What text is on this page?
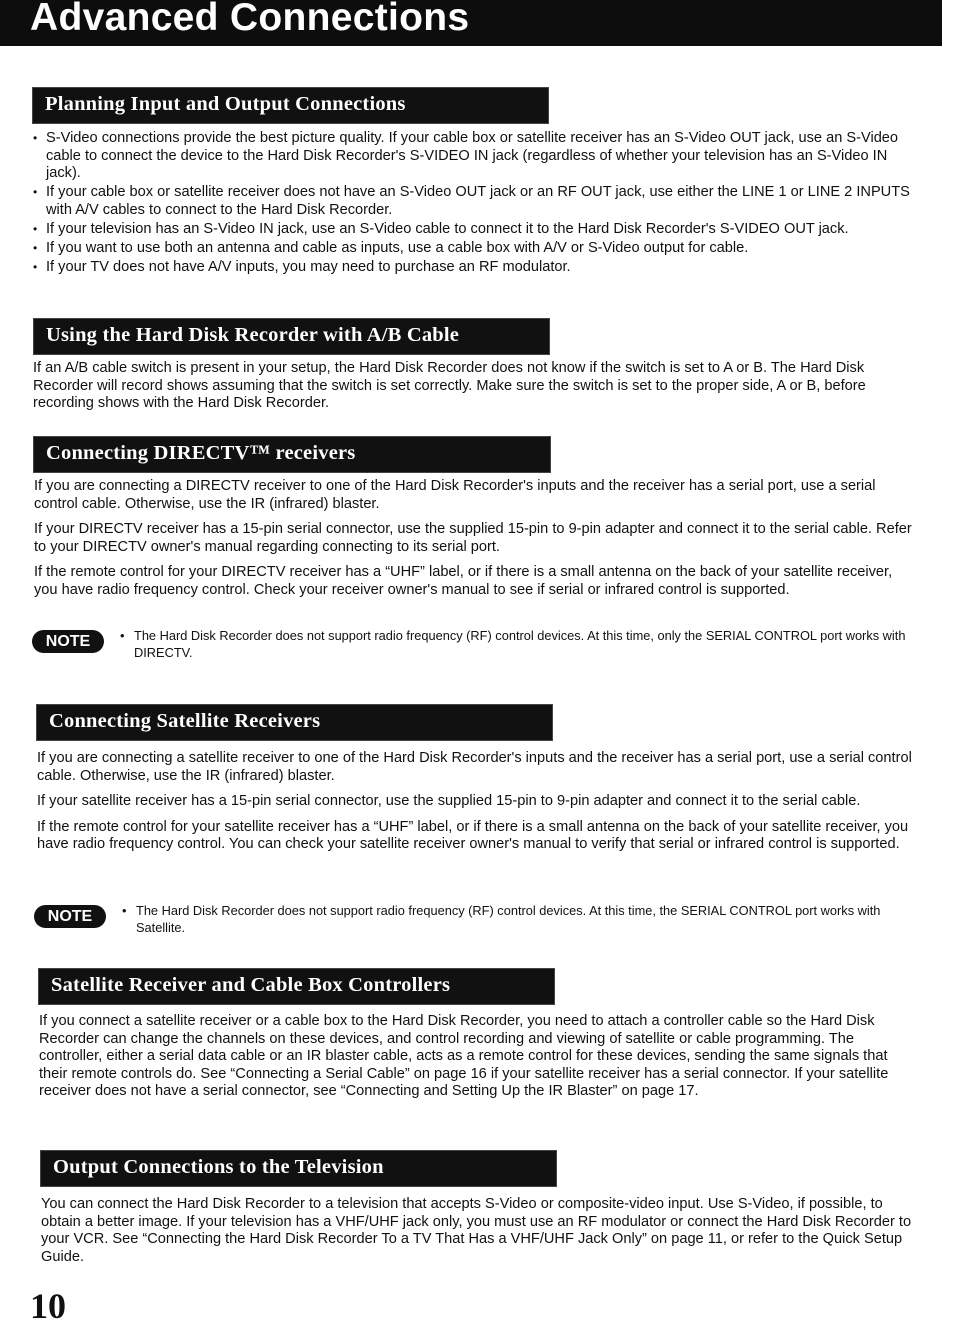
Advanced Connections
Planning Input and Output Connections
• S-Video connections provide the best picture quality. If your cable box or satellite receiver has an S-Video OUT jack, use an S-Video cable to connect the device to the Hard Disk Recorder's S-VIDEO IN jack (regardless of whether your television has an S-Video IN jack).
• If your cable box or satellite receiver does not have an S-Video OUT jack or an RF OUT jack, use either the LINE 1 or LINE 2 INPUTS with A/V cables to connect to the Hard Disk Recorder.
• If your television has an S-Video IN jack, use an S-Video cable to connect it to the Hard Disk Recorder's S-VIDEO OUT jack.
• If you want to use both an antenna and cable as inputs, use a cable box with A/V or S-Video output for cable.
• If your TV does not have A/V inputs, you may need to purchase an RF modulator.
Using the Hard Disk Recorder with A/B Cable

If an A/B cable switch is present in your setup, the Hard Disk Recorder does not know if the switch is set to A or B. The Hard Disk Recorder will record shows assuming that the switch is set correctly. Make sure the switch is set to the proper side, A or B, before recording shows with the Hard Disk Recorder.

Connecting DIRECTV™ receivers

If you are connecting a DIRECTV receiver to one of the Hard Disk Recorder's inputs and the receiver has a serial port, use a serial control cable. Otherwise, use the IR (infrared) blaster.

If your DIRECTV receiver has a 15-pin serial connector, use the supplied 15-pin to 9-pin adapter and connect it to the serial cable. Refer to your DIRECTV owner's manual regarding connecting to its serial port.

If the remote control for your DIRECTV receiver has a “UHF” label, or if there is a small antenna on the back of your satellite receiver, you have radio frequency control. Check your receiver owner's manual to see if serial or infrared control is supported.

NOTE	• The Hard Disk Recorder does not support radio frequency (RF) control devices. At this time, only the SERIAL CONTROL port works with DIRECTV.
Connecting Satellite Receivers

If you are connecting a satellite receiver to one of the Hard Disk Recorder's inputs and the receiver has a serial port, use a serial control cable. Otherwise, use the IR (infrared) blaster.

If your satellite receiver has a 15-pin serial connector, use the supplied 15-pin to 9-pin adapter and connect it to the serial cable.

If the remote control for your satellite receiver has a “UHF” label, or if there is a small antenna on the back of your satellite receiver, you have radio frequency control. You can check your satellite receiver owner's manual to verify that serial or infrared control is supported.

NOTE	• The Hard Disk Recorder does not support radio frequency (RF) control devices. At this time, the SERIAL CONTROL port works with Satellite.
Satellite Receiver and Cable Box Controllers

If you connect a satellite receiver or a cable box to the Hard Disk Recorder, you need to attach a controller cable so the Hard Disk Recorder can change the channels on these devices, and control recording and viewing of satellite or cable programming. The controller, either a serial data cable or an IR blaster cable, acts as a remote control for these devices, sending the same signals that their remote controls do. See “Connecting a Serial Cable” on page 16 if your satellite receiver has a serial connector. If your satellite receiver does not have a serial connector, see “Connecting and Setting Up the IR Blaster” on page 17.

Output Connections to the Television

You can connect the Hard Disk Recorder to a television that accepts S-Video or composite-video input. Use S-Video, if possible, to obtain a better image. If your television has a VHF/UHF jack only, you must use an RF modulator or connect the Hard Disk Recorder to your VCR. See “Connecting the Hard Disk Recorder To a TV That Has a VHF/UHF Jack Only” on page 11, or refer to the Quick Setup Guide.

10
